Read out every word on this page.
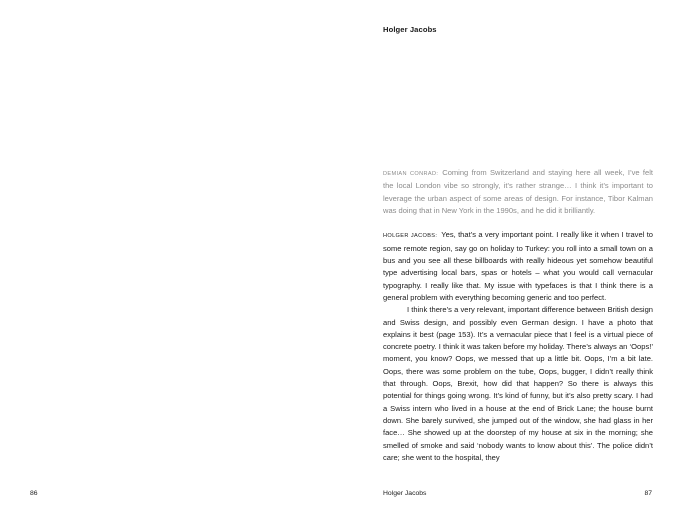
86
Holger Jacobs

DEMIAN CONRAD: Coming from Switzerland and staying here all week, I’ve felt the local London vibe so strongly, it’s rather strange… I think it’s important to leverage the urban aspect of some areas of design. For instance, Tibor Kalman was doing that in New York in the 1990s, and he did it brilliantly.

HOLGER JACOBS: Yes, that’s a very important point. I really like it when I travel to some remote region, say go on holiday to Turkey: you roll into a small town on a bus and you see all these billboards with really hideous yet somehow beautiful type advertising local bars, spas or hotels – what you would call vernacular typography. I really like that. My issue with typefaces is that I think there is a general problem with everything becoming generic and too perfect.

I think there’s a very relevant, important difference between British design and Swiss design, and possibly even German design. I have a photo that explains it best (page 153). It’s a vernacular piece that I feel is a virtual piece of concrete poetry. I think it was taken before my holiday. There’s always an ‘Oops!’ moment, you know? Oops, we messed that up a little bit. Oops, I’m a bit late. Oops, there was some problem on the tube, Oops, bugger, I didn’t really think that through. Oops, Brexit, how did that happen? So there is always this potential for things going wrong. It’s kind of funny, but it’s also pretty scary. I had a Swiss intern who lived in a house at the end of Brick Lane; the house burnt down. She barely survived, she jumped out of the window, she had glass in her face… She showed up at the doorstep of my house at six in the morning; she smelled of smoke and said ‘nobody wants to know about this’. The police didn’t care; she went to the hospital, they

Holger Jacobs	87
